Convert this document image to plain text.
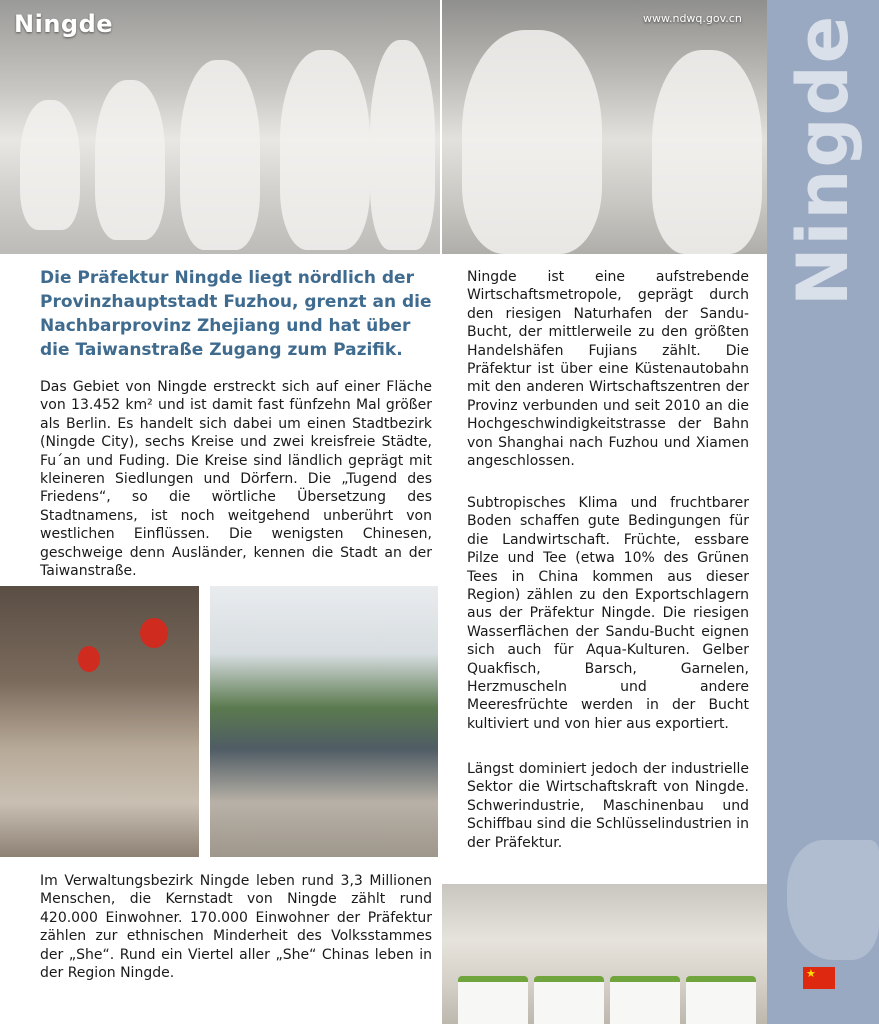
Ningde	www.ndwq.gov.cn Ningde
★
Die Präfektur Ningde liegt nördlich der Provinzhauptstadt Fuzhou, grenzt an die Nachbarprovinz Zhejiang und hat über die Taiwanstraße Zugang zum Pazifik.
Das Gebiet von Ningde erstreckt sich auf einer Fläche von 13.452 km² und ist damit fast fünfzehn Mal größer als Berlin. Es handelt sich dabei um einen Stadtbezirk (Ningde City), sechs Kreise und zwei kreisfreie Städte, Fu´an und Fuding. Die Kreise sind ländlich geprägt mit kleineren Siedlungen und Dörfern. Die „Tugend des Friedens“, so die wörtliche Übersetzung des Stadtnamens, ist noch weitgehend unberührt von westlichen Einflüssen. Die wenigsten Chinesen, geschweige denn Ausländer, kennen die Stadt an der Taiwanstraße.
Im Verwaltungsbezirk Ningde leben rund 3,3 Millionen Menschen, die Kernstadt von Ningde zählt rund 420.000 Einwohner. 170.000 Einwohner der Präfektur zählen zur ethnischen Minderheit des Volksstammes der „She“. Rund ein Viertel aller „She“ Chinas leben in der Region Ningde.
Ningde ist eine aufstrebende Wirtschaftsmetropole, geprägt durch den riesigen Naturhafen der Sandu-Bucht, der mittlerweile zu den größten Handelshäfen Fujians zählt. Die Präfektur ist über eine Küstenautobahn mit den anderen Wirtschaftszentren der Provinz verbunden und seit 2010 an die Hochgeschwindigkeitstrasse der Bahn von Shanghai nach Fuzhou und Xiamen angeschlossen.
Subtropisches Klima und fruchtbarer Boden schaffen gute Bedingungen für die Landwirtschaft. Früchte, essbare Pilze und Tee (etwa 10% des Grünen Tees in China kommen aus dieser Region) zählen zu den Exportschlagern aus der Präfektur Ningde. Die riesigen Wasserflächen der Sandu-Bucht eignen sich auch für Aqua-Kulturen. Gelber Quakfisch, Barsch, Garnelen, Herzmuscheln und andere Meeresfrüchte werden in der Bucht kultiviert und von hier aus exportiert.
Längst dominiert jedoch der industrielle Sektor die Wirtschaftskraft von Ningde. Schwerindustrie, Maschinenbau und Schiffbau sind die Schlüsselindustrien in der Präfektur.
